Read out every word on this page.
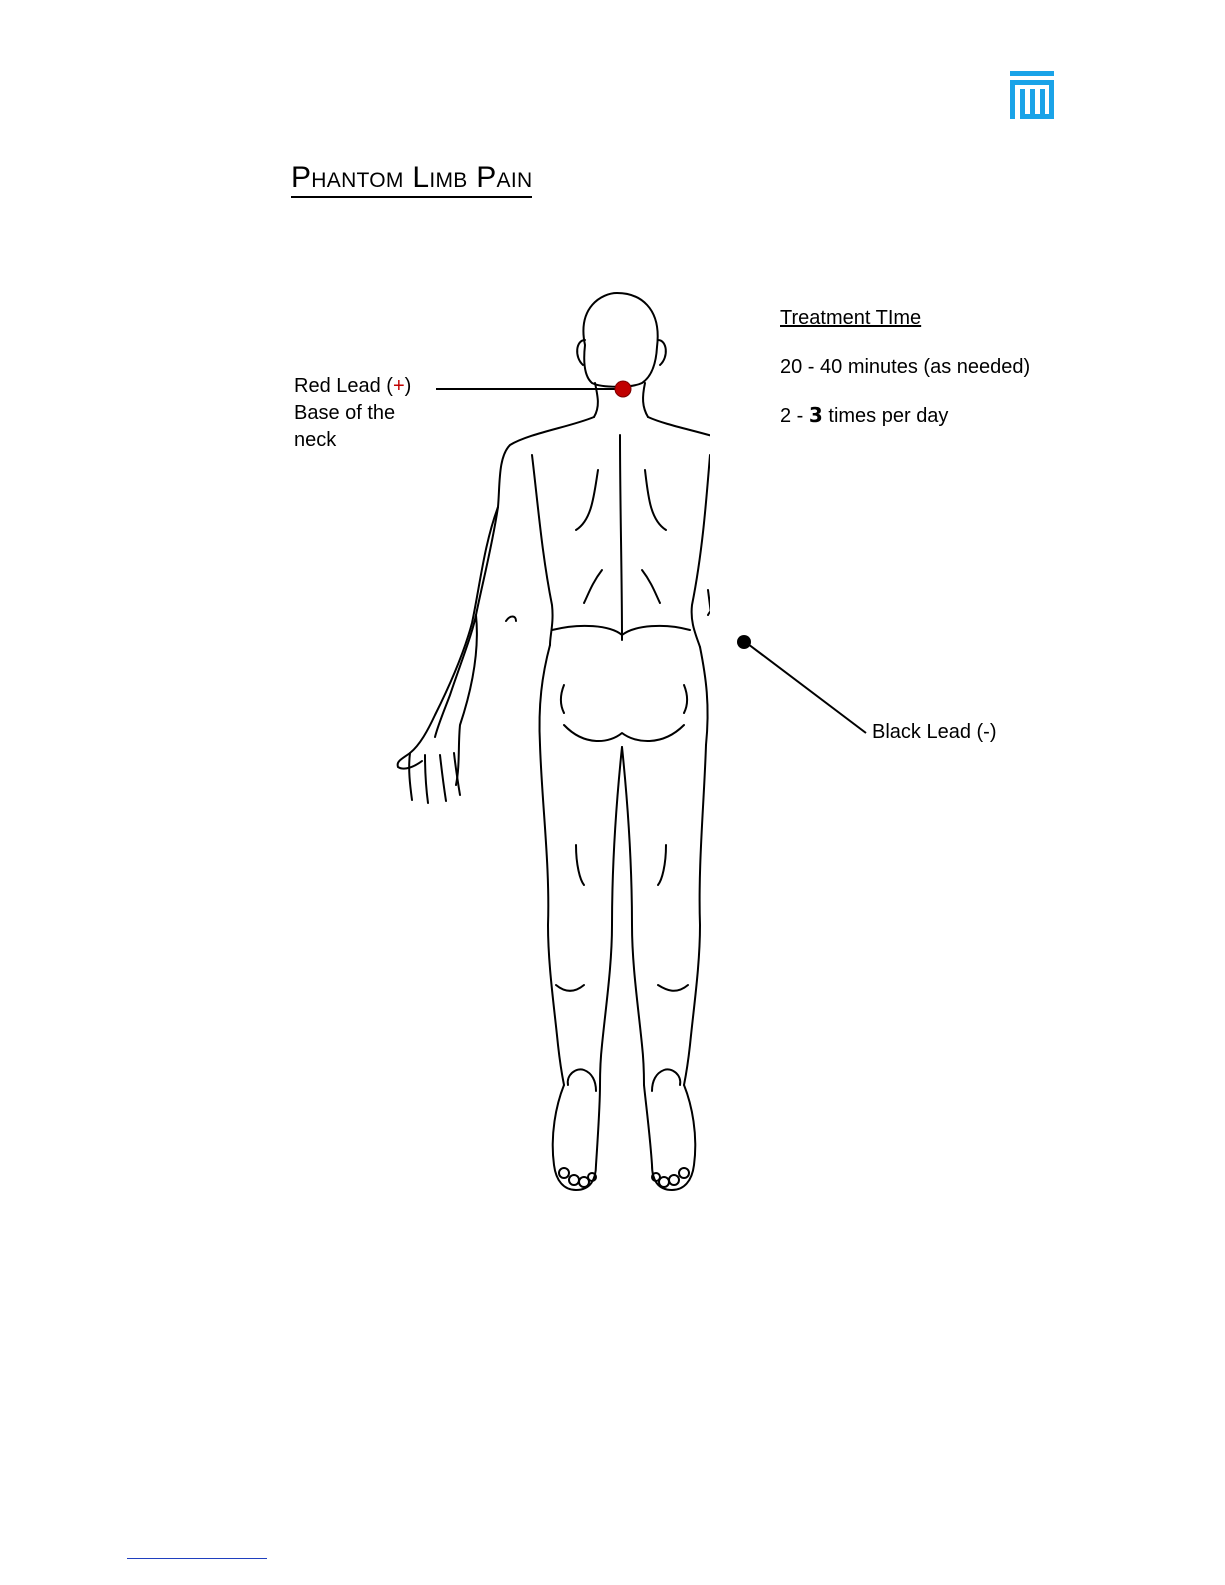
Phantom Limb Pain
Red Lead (+)
Base of the
neck
Black Lead (-)
Treatment TIme
20 - 40 minutes (as needed)
2 - 3 times per day
